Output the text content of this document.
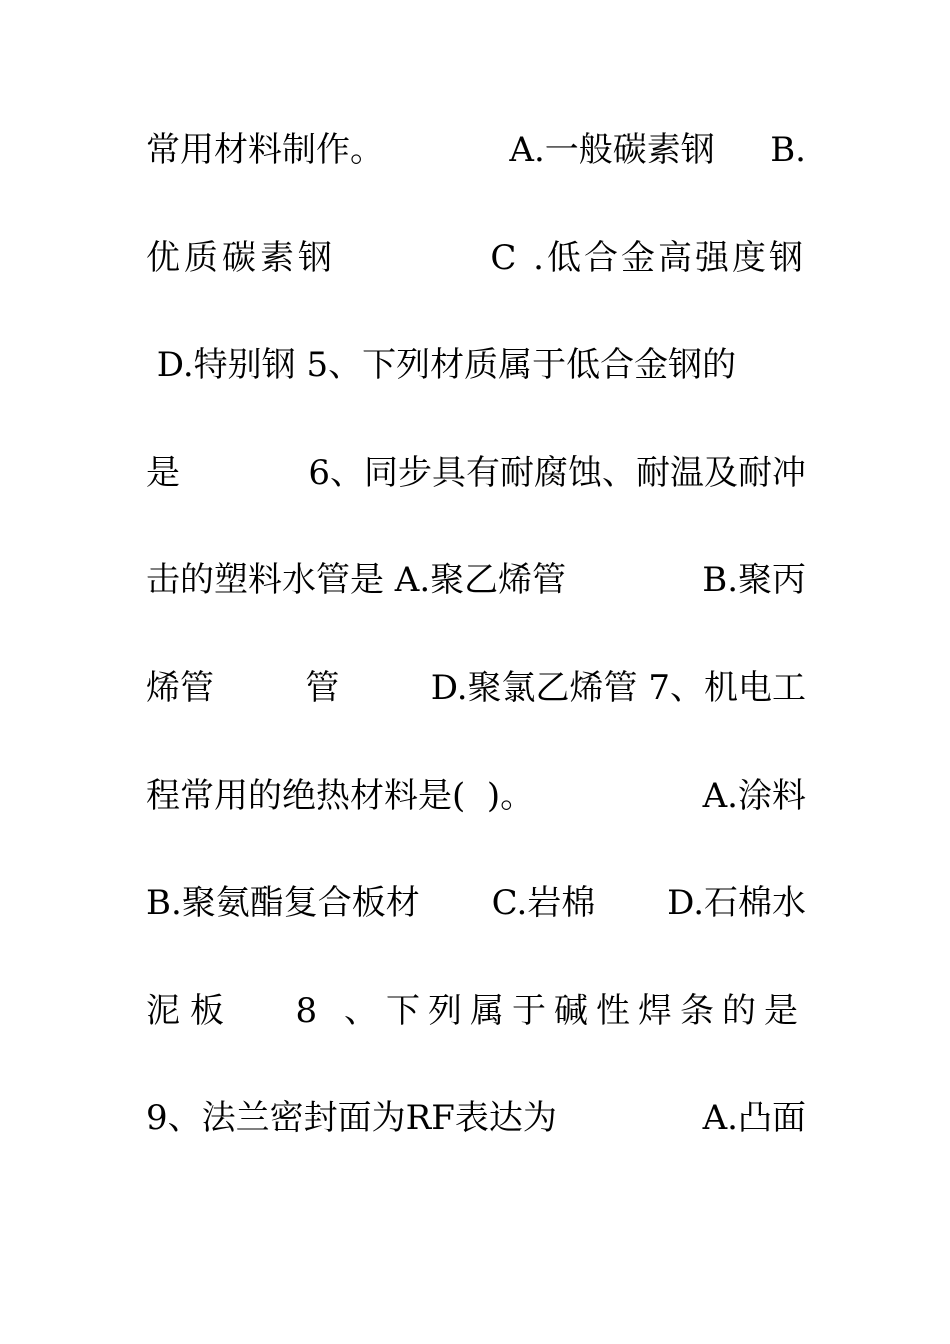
常用材料制作。	A.一般碳素钢 B.
优质碳素钢	C .低合金高强度钢
D.特别钢 5、下列材质属于低合金钢的
是	6、同步具有耐腐蚀、耐温及耐冲
击的塑料水管是 A.聚乙烯管	B.聚丙
烯管	管	D.聚氯乙烯管 7、机电工
程常用的绝热材料是(  )。	A.涂料
B.聚氨酯复合板材 C.岩棉 D.石棉水
泥板 8 、下列属于碱性焊条的是
9、法兰密封面为RF表达为	A.凸面
